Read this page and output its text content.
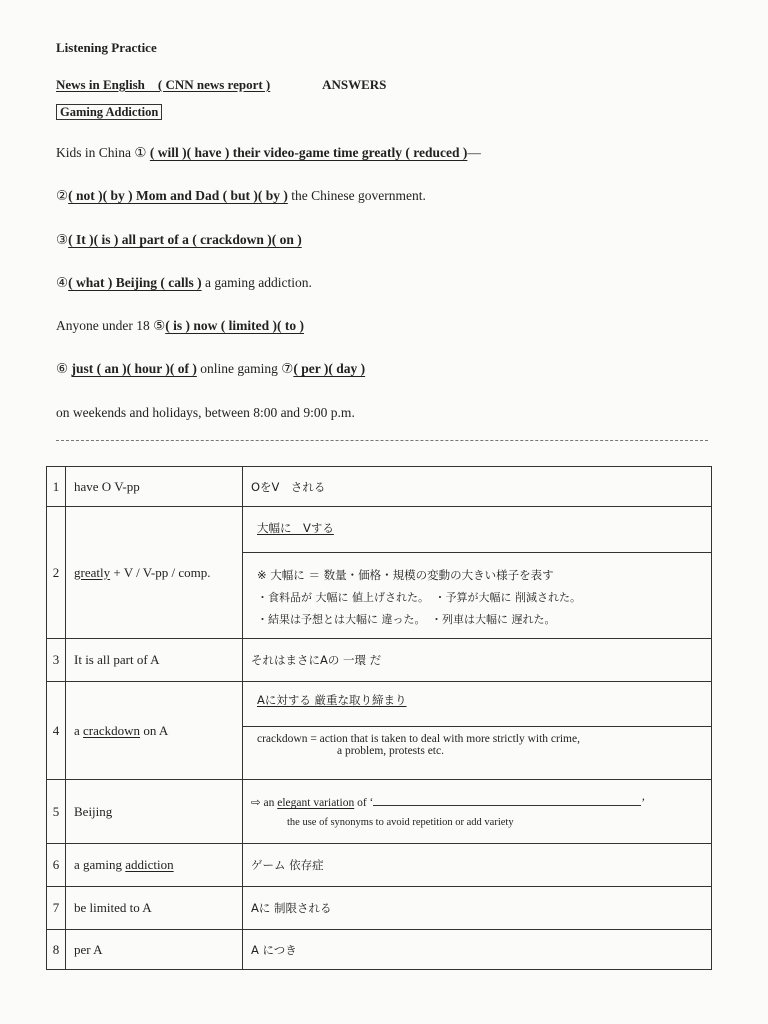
Listening Practice
News in English　( CNN news report )	ANSWERS
Gaming Addiction
Kids in China ① ( will )( have ) their video-game time greatly ( reduced )—
②( not )( by ) Mom and Dad ( but )( by ) the Chinese government.
③( It )( is ) all part of a ( crackdown )( on )
④( what ) Beijing ( calls ) a gaming addiction.
Anyone under 18 ⑤( is ) now ( limited )( to )
⑥ just ( an )( hour )( of ) online gaming ⑦( per )( day )
on weekends and holidays, between 8:00 and 9:00 p.m.
1	have O V-pp	OをV　される
2	greatly + V / V-pp / comp.	大幅に　Vする
※ 大幅に ＝ 数量・価格・規模の変動の大きい様子を表す
・食料品が 大幅に 値上げされた。　・予算が大幅に 削減された。
・結果は予想とは大幅に 違った。　・列車は大幅に 遅れた。

3	It is all part of A	それはまさにAの 一環 だ
4	a crackdown on A	Aに対する 厳重な取り締まり
crackdown = action that is taken to deal with more strictly with crime,
a problem, protests etc.

5	Beijing	⇨ an elegant variation of ‘ ’
the use of synonyms to avoid repetition or add variety

6	a gaming addiction	ゲーム 依存症
7	be limited to A	Aに 制限される
8	per A	A につき
